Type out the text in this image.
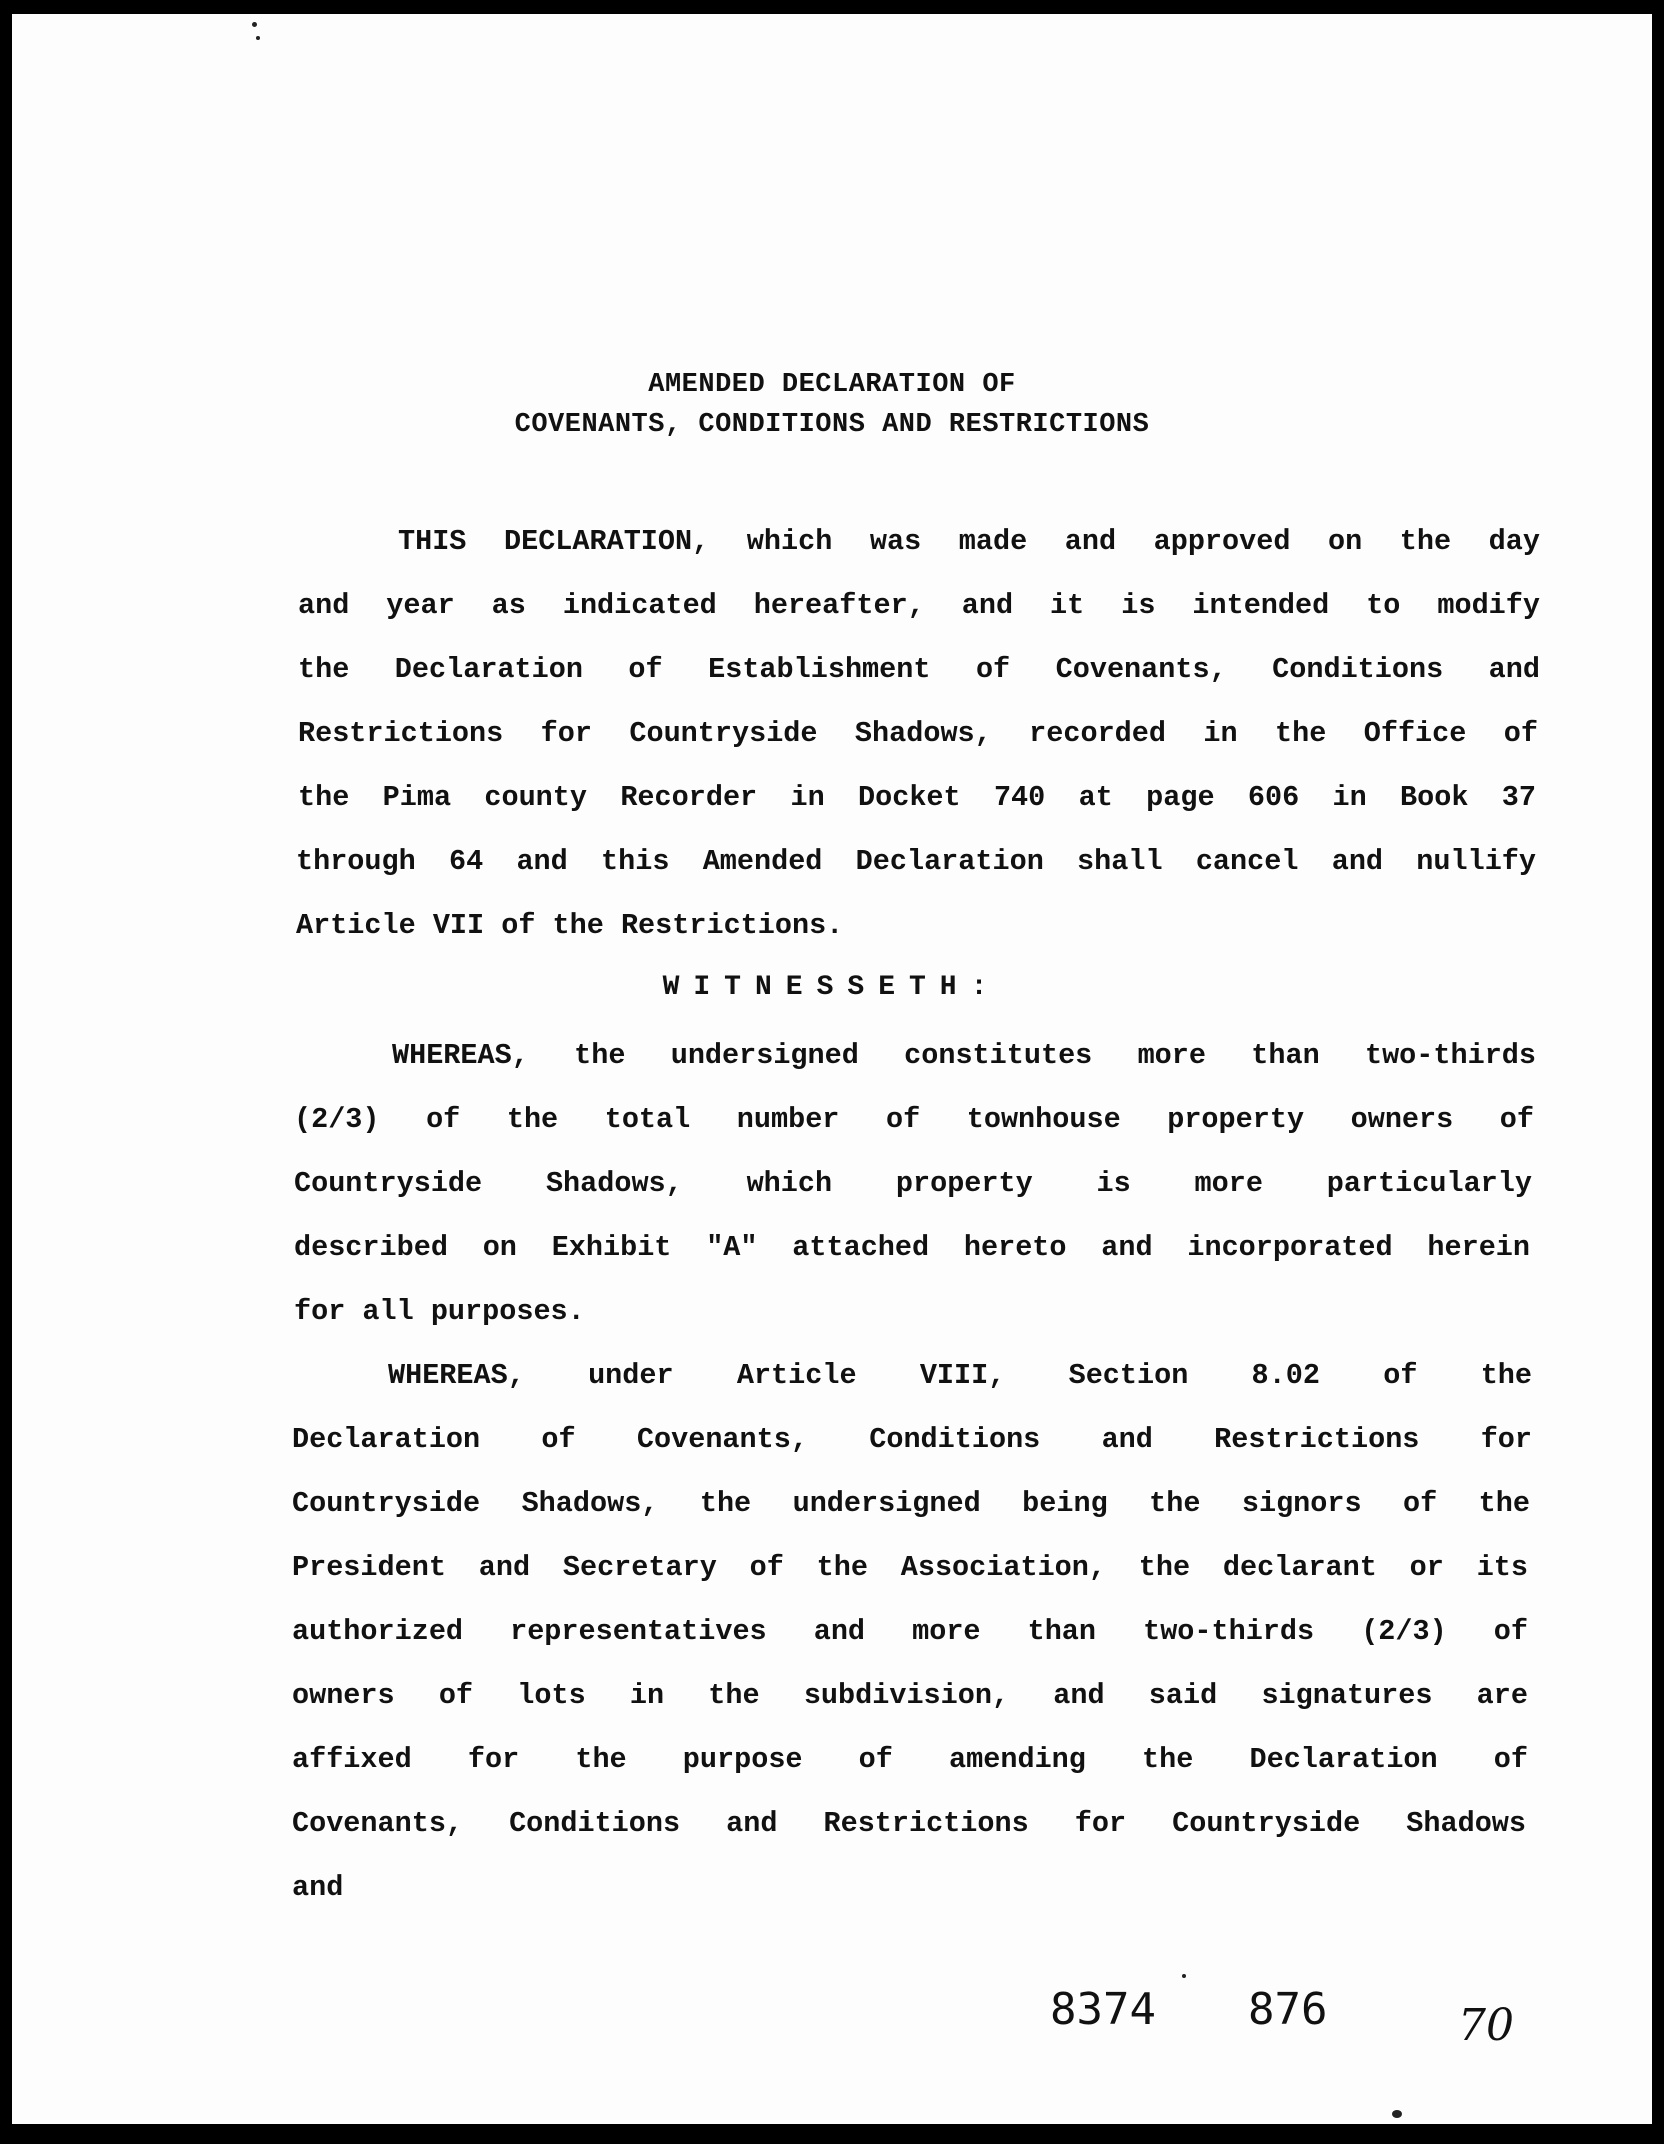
AMENDED DECLARATION OF
COVENANTS, CONDITIONS AND RESTRICTIONS
THIS DECLARATION, which was made and approved on the day
and year as indicated hereafter, and it is intended to modify
the Declaration of Establishment of Covenants, Conditions and
Restrictions for Countryside Shadows, recorded in the Office of
the Pima county Recorder in Docket 740 at page 606 in Book 37
through 64 and this Amended Declaration shall cancel and nullify
Article VII of the Restrictions.
WITNESSETH:
WHEREAS, the undersigned constitutes more than two-thirds
(2/3) of the total number of townhouse property owners of
Countryside Shadows, which property is more particularly
described on Exhibit "A" attached hereto and incorporated herein
for all purposes.
WHEREAS, under Article VIII, Section 8.02 of the
Declaration of Covenants, Conditions and Restrictions for
Countryside Shadows, the undersigned being the signors of the
President and Secretary of the Association, the declarant or its
authorized representatives and more than two-thirds (2/3) of
owners of lots in the subdivision, and said signatures are
affixed for the purpose of amending the Declaration of
Covenants, Conditions and Restrictions for Countryside Shadows
and
8374 876	70
